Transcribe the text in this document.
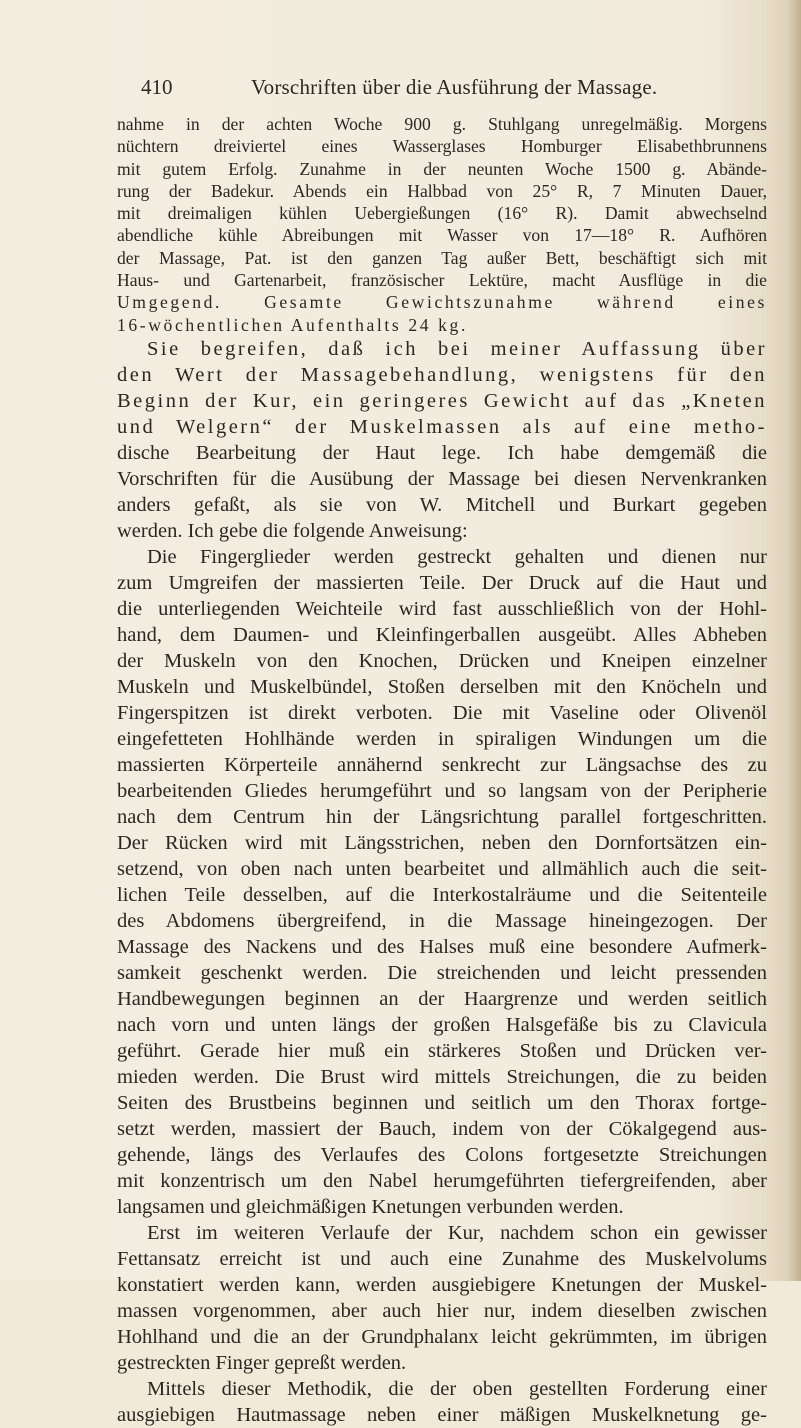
410	Vorschriften über die Ausführung der Massage.
nahme in der achten Woche 900 g. Stuhlgang unregelmäßig. Morgens
nüchtern dreiviertel eines Wasserglases Homburger Elisabethbrunnens
mit gutem Erfolg. Zunahme in der neunten Woche 1500 g. Abände-
rung der Badekur. Abends ein Halbbad von 25° R, 7 Minuten Dauer,
mit dreimaligen kühlen Uebergießungen (16° R). Damit abwechselnd
abendliche kühle Abreibungen mit Wasser von 17—18° R. Aufhören
der Massage, Pat. ist den ganzen Tag außer Bett, beschäftigt sich mit
Haus- und Gartenarbeit, französischer Lektüre, macht Ausflüge in die
Umgegend. Gesamte Gewichtszunahme während eines
16-wöchentlichen Aufenthalts 24 kg.
Sie begreifen, daß ich bei meiner Auffassung über
den Wert der Massagebehandlung, wenigstens für den
Beginn der Kur, ein geringeres Gewicht auf das „Kneten
und Welgern“ der Muskelmassen als auf eine metho-
dische Bearbeitung der Haut lege. Ich habe demgemäß die
Vorschriften für die Ausübung der Massage bei diesen Nervenkranken
anders gefaßt, als sie von W. Mitchell und Burkart gegeben
werden. Ich gebe die folgende Anweisung:
Die Fingerglieder werden gestreckt gehalten und dienen nur
zum Umgreifen der massierten Teile. Der Druck auf die Haut und
die unterliegenden Weichteile wird fast ausschließlich von der Hohl-
hand, dem Daumen- und Kleinfingerballen ausgeübt. Alles Abheben
der Muskeln von den Knochen, Drücken und Kneipen einzelner
Muskeln und Muskelbündel, Stoßen derselben mit den Knöcheln und
Fingerspitzen ist direkt verboten. Die mit Vaseline oder Olivenöl
eingefetteten Hohlhände werden in spiraligen Windungen um die
massierten Körperteile annähernd senkrecht zur Längsachse des zu
bearbeitenden Gliedes herumgeführt und so langsam von der Peripherie
nach dem Centrum hin der Längsrichtung parallel fortgeschritten.
Der Rücken wird mit Längsstrichen, neben den Dornfortsätzen ein-
setzend, von oben nach unten bearbeitet und allmählich auch die seit-
lichen Teile desselben, auf die Interkostalräume und die Seitenteile
des Abdomens übergreifend, in die Massage hineingezogen. Der
Massage des Nackens und des Halses muß eine besondere Aufmerk-
samkeit geschenkt werden. Die streichenden und leicht pressenden
Handbewegungen beginnen an der Haargrenze und werden seitlich
nach vorn und unten längs der großen Halsgefäße bis zu Clavicula
geführt. Gerade hier muß ein stärkeres Stoßen und Drücken ver-
mieden werden. Die Brust wird mittels Streichungen, die zu beiden
Seiten des Brustbeins beginnen und seitlich um den Thorax fortge-
setzt werden, massiert der Bauch, indem von der Cökalgegend aus-
gehende, längs des Verlaufes des Colons fortgesetzte Streichungen
mit konzentrisch um den Nabel herumgeführten tiefergreifenden, aber
langsamen und gleichmäßigen Knetungen verbunden werden.
Erst im weiteren Verlaufe der Kur, nachdem schon ein gewisser
Fettansatz erreicht ist und auch eine Zunahme des Muskelvolums
konstatiert werden kann, werden ausgiebigere Knetungen der Muskel-
massen vorgenommen, aber auch hier nur, indem dieselben zwischen
Hohlhand und die an der Grundphalanx leicht gekrümmten, im übrigen
gestreckten Finger gepreßt werden.
Mittels dieser Methodik, die der oben gestellten Forderung einer
ausgiebigen Hautmassage neben einer mäßigen Muskelknetung ge-
